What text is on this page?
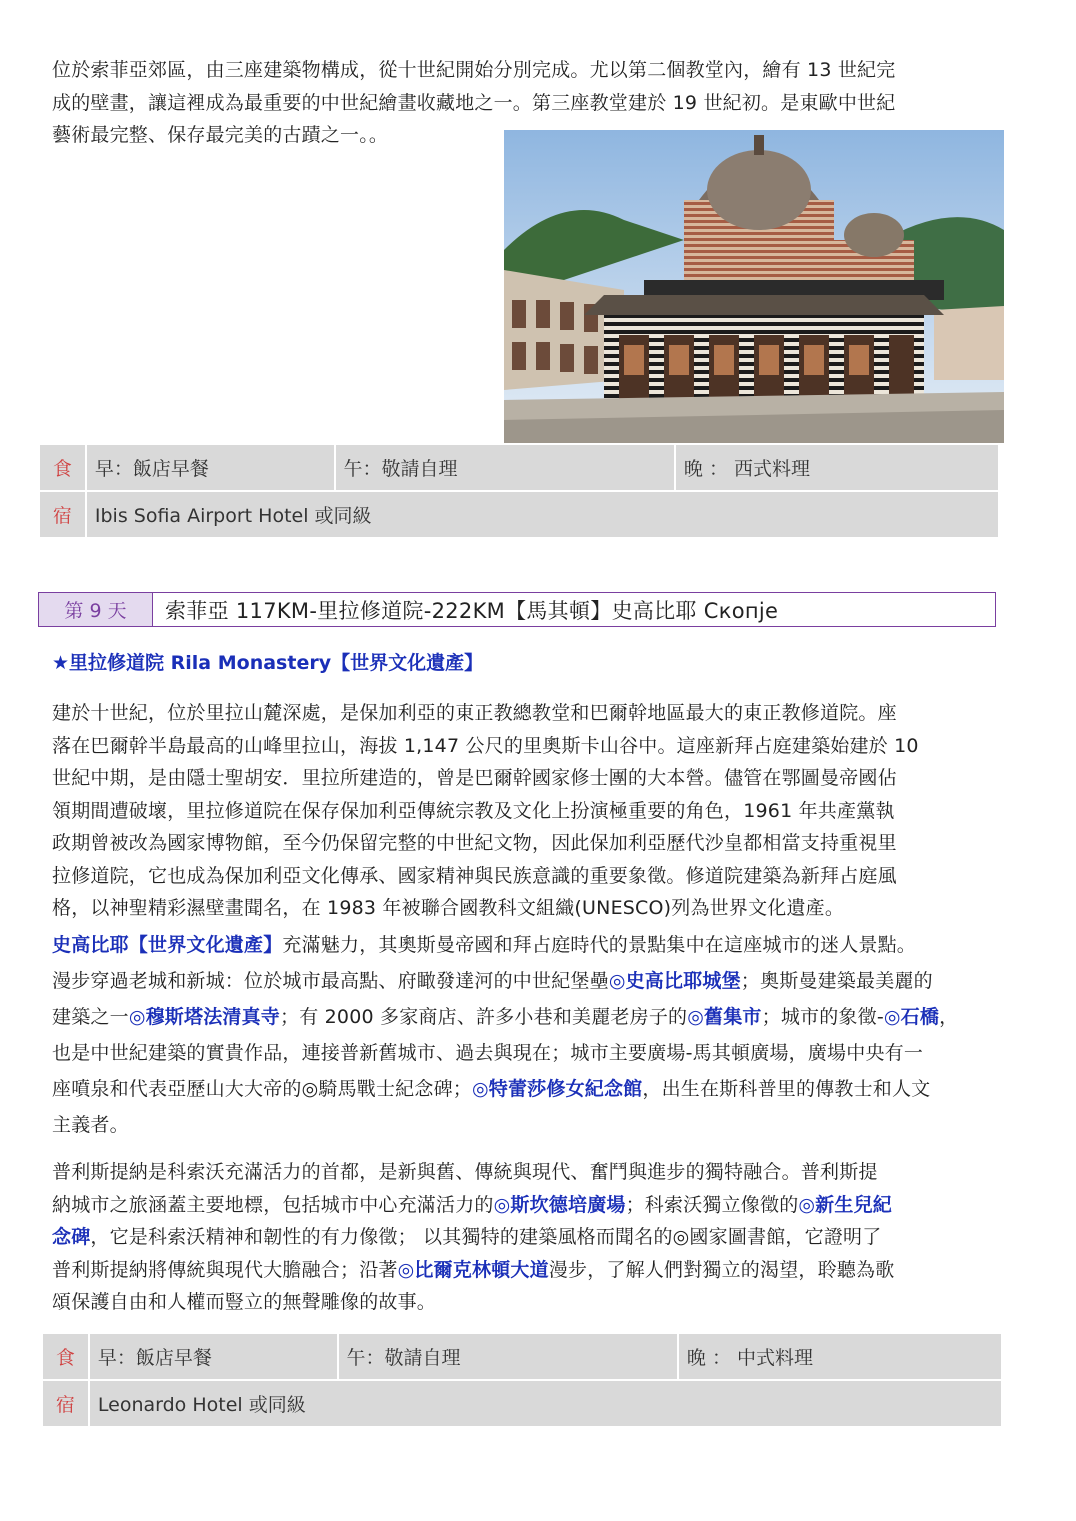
位於索菲亞郊區，由三座建築物構成，從十世紀開始分別完成。尤以第二個教堂內，繪有 13 世紀完
成的壁畫，讓這裡成為最重要的中世紀繪畫收藏地之一。第三座教堂建於 19 世紀初。是東歐中世紀
藝術最完整、保存最完美的古蹟之一。。
食	早：飯店早餐	午：敬請自理	晚 ： 西式料理
宿	Ibis Sofia Airport Hotel 或同級		
第 9 天	索菲亞 117KM-里拉修道院-222KM【馬其頓】史高比耶 Скопје
★里拉修道院 Rila Monastery【世界文化遺產】
建於十世紀，位於里拉山麓深處，是保加利亞的東正教總教堂和巴爾幹地區最大的東正教修道院。座
落在巴爾幹半島最高的山峰里拉山，海拔 1,147 公尺的里奧斯卡山谷中。這座新拜占庭建築始建於 10
世紀中期，是由隱士聖胡安．里拉所建造的，曾是巴爾幹國家修士團的大本營。儘管在鄂圖曼帝國佔
領期間遭破壞，里拉修道院在保存保加利亞傳統宗教及文化上扮演極重要的角色，1961 年共產黨執
政期曾被改為國家博物館，至今仍保留完整的中世紀文物，因此保加利亞歷代沙皇都相當支持重視里
拉修道院，它也成為保加利亞文化傳承、國家精神與民族意識的重要象徵。修道院建築為新拜占庭風
格，以神聖精彩濕壁畫聞名，在 1983 年被聯合國教科文組織(UNESCO)列為世界文化遺產。
史高比耶【世界文化遺產】充滿魅力，其奧斯曼帝國和拜占庭時代的景點集中在這座城市的迷人景點。
漫步穿過老城和新城：位於城市最高點、府瞰發達河的中世紀堡壘◎史高比耶城堡；奧斯曼建築最美麗的
建築之一◎穆斯塔法清真寺；有 2000 多家商店、許多小巷和美麗老房子的◎舊集市；城市的象徵-◎石橋，
也是中世紀建築的實貴作品，連接普新舊城市、過去與現在；城市主要廣場-馬其頓廣場，廣場中央有一
座噴泉和代表亞歷山大大帝的◎騎馬戰士紀念碑；◎特蕾莎修女紀念館，出生在斯科普里的傳教士和人文
主義者。
普利斯提納是科索沃充滿活力的首都，是新與舊、傳統與現代、奮鬥與進步的獨特融合。普利斯提
納城市之旅涵蓋主要地標，包括城市中心充滿活力的◎斯坎德培廣場；科索沃獨立像徵的◎新生兒紀
念碑，它是科索沃精神和韌性的有力像徵； 以其獨特的建築風格而聞名的◎國家圖書館，它證明了
普利斯提納將傳統與現代大膽融合；沿著◎比爾克林頓大道漫步，了解人們對獨立的渴望，聆聽為歌
頌保護自由和人權而豎立的無聲雕像的故事。
食	早：飯店早餐	午：敬請自理	晚 ： 中式料理
宿	Leonardo Hotel 或同級		
